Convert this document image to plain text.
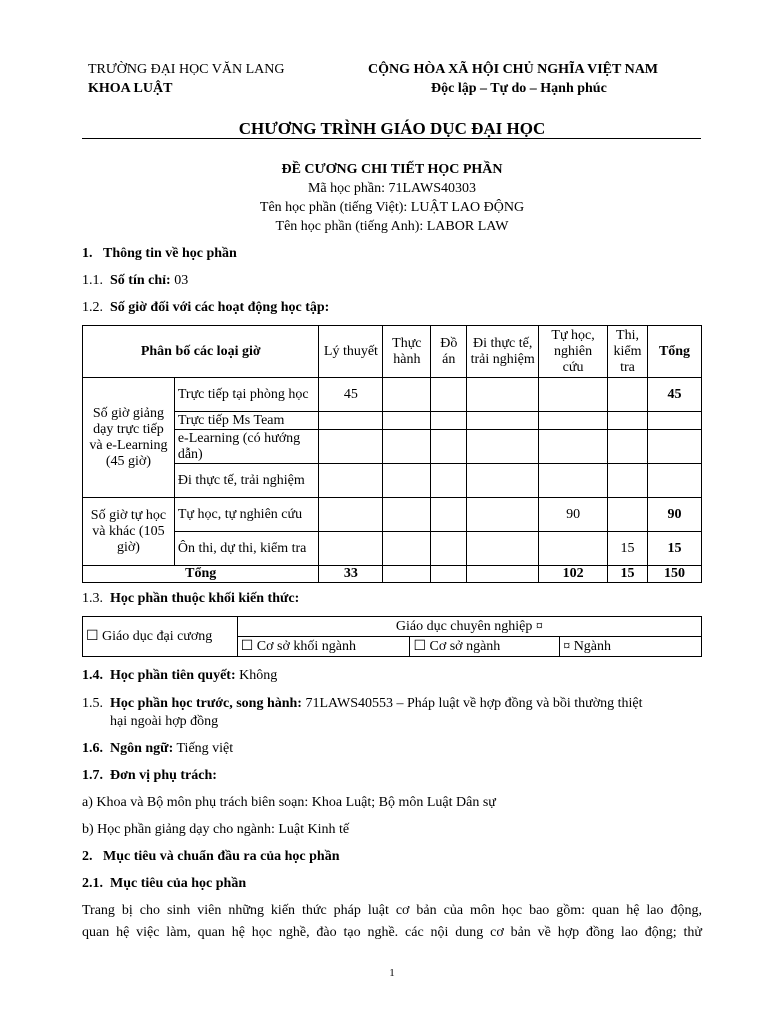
TRƯỜNG ĐẠI HỌC VĂN LANG
KHOA LUẬT
CỘNG HÒA XÃ HỘI CHỦ NGHĨA VIỆT NAM
Độc lập – Tự do – Hạnh phúc
CHƯƠNG TRÌNH GIÁO DỤC ĐẠI HỌC
ĐỀ CƯƠNG CHI TIẾT HỌC PHẦN
Mã học phần: 71LAWS40303
Tên học phần (tiếng Việt): LUẬT LAO ĐỘNG
Tên học phần (tiếng Anh): LABOR LAW
1. Thông tin về học phần
1.1. Số tín chỉ: 03
1.2. Số giờ đối với các hoạt động học tập:
Phân bố các loại giờ		Lý thuyết	Thực hành	Đồ án	Đi thực tế, trải nghiệm	Tự học, nghiên cứu	Thi, kiểm tra	Tổng
Số giờ giảng dạy trực tiếp và e-Learning (45 giờ)	Trực tiếp tại phòng học	45						45
	Trực tiếp Ms Team							
	e-Learning (có hướng dẫn)							
	Đi thực tế, trải nghiệm							
Số giờ tự học và khác (105 giờ)	Tự học, tự nghiên cứu					90		90
	Ôn thi, dự thi, kiểm tra						15	15
Tổng		33				102	15	150
1.3. Học phần thuộc khối kiến thức:
☐ Giáo dục đại cương	Giáo dục chuyên nghiệp ¤		
	☐ Cơ sở khối ngành	☐ Cơ sở ngành	¤ Ngành
1.4. Học phần tiên quyết: Không
1.5. Học phần học trước, song hành: 71LAWS40553 – Pháp luật về hợp đồng và bồi thường thiệt
hại ngoài hợp đồng
1.6. Ngôn ngữ: Tiếng việt
1.7. Đơn vị phụ trách:
a) Khoa và Bộ môn phụ trách biên soạn: Khoa Luật; Bộ môn Luật Dân sự
b) Học phần giảng dạy cho ngành: Luật Kinh tế
2. Mục tiêu và chuẩn đầu ra của học phần
2.1. Mục tiêu của học phần
Trang bị cho sinh viên những kiến thức pháp luật cơ bản của môn học bao gồm: quan hệ lao động,
quan hệ việc làm, quan hệ học nghề, đào tạo nghề. các nội dung cơ bản về hợp đồng lao động; thử
1
